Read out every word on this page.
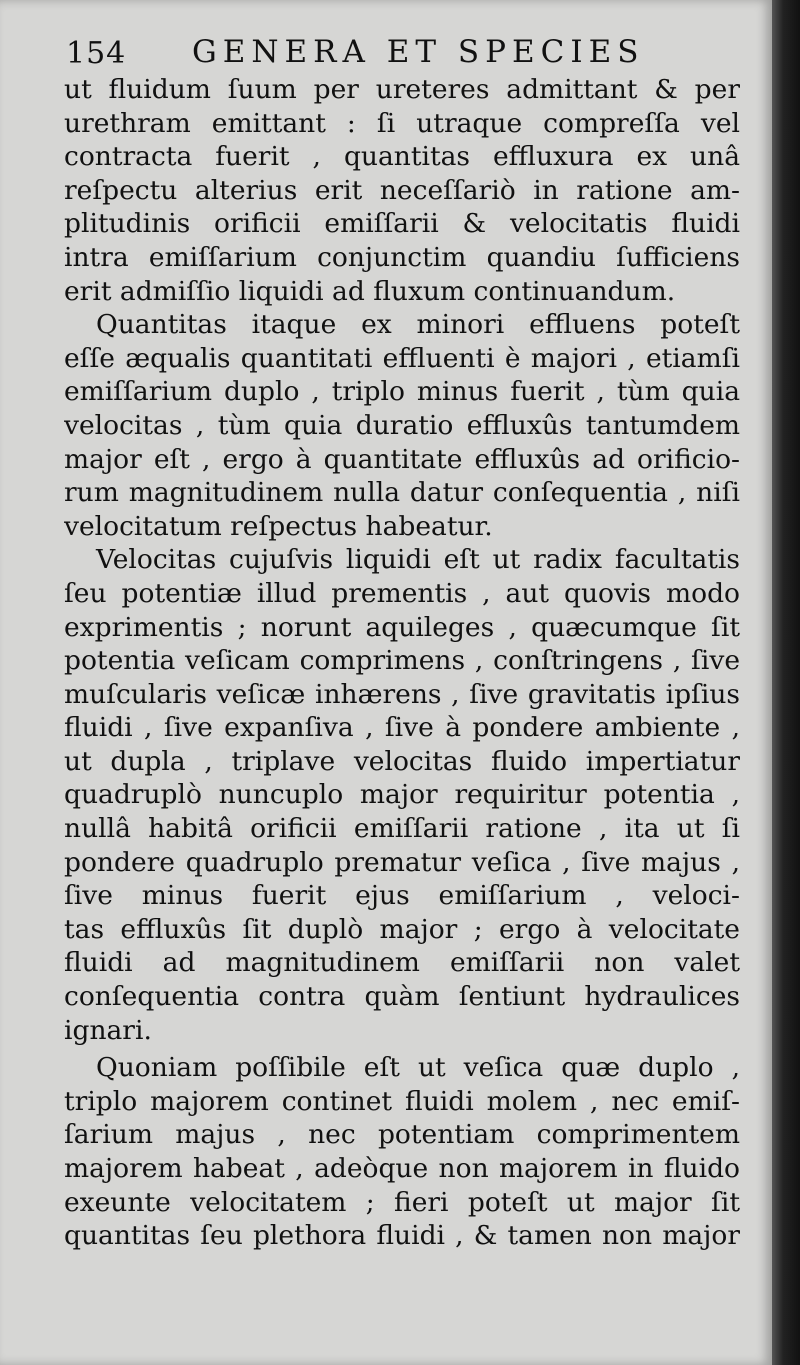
154 GENERA ET SPECIES
ut fluidum ſuum per ureteres admittant & per
urethram emittant : ſi utraque compreſſa vel
contracta fuerit , quantitas effluxura ex unâ
reſpectu alterius erit neceſſariò in ratione am-
plitudinis orificii emiſſarii & velocitatis fluidi
intra emiſſarium conjunctim quandiu ſufficiens
erit admiſſio liquidi ad fluxum continuandum.
Quantitas itaque ex minori effluens poteſt
eſſe æqualis quantitati effluenti è majori , etiamſi
emiſſarium duplo , triplo minus fuerit , tùm quia
velocitas , tùm quia duratio effluxûs tantumdem
major eſt , ergo à quantitate effluxûs ad orificio-
rum magnitudinem nulla datur conſequentia , niſi
velocitatum reſpectus habeatur.
Velocitas cujuſvis liquidi eſt ut radix facultatis
ſeu potentiæ illud prementis , aut quovis modo
exprimentis ; norunt aquileges , quæcumque ſit
potentia veſicam comprimens , conſtringens , ſive
muſcularis veſicæ inhærens , ſive gravitatis ipſius
fluidi , ſive expanſiva , ſive à pondere ambiente ,
ut dupla , triplave velocitas fluido impertiatur
quadruplò nuncuplo major requiritur potentia ,
nullâ habitâ orificii emiſſarii ratione , ita ut ſi
pondere quadruplo prematur veſica , ſive majus ,
ſive minus fuerit ejus emiſſarium , veloci-
tas effluxûs ſit duplò major ; ergo à velocitate
fluidi ad magnitudinem emiſſarii non valet
conſequentia contra quàm ſentiunt hydraulices
ignari.
Quoniam poſſibile eſt ut veſica quæ duplo ,
triplo majorem continet fluidi molem , nec emiſ-
ſarium majus , nec potentiam comprimentem
majorem habeat , adeòque non majorem in fluido
exeunte velocitatem ; fieri poteſt ut major ſit
quantitas ſeu plethora fluidi , & tamen non major
